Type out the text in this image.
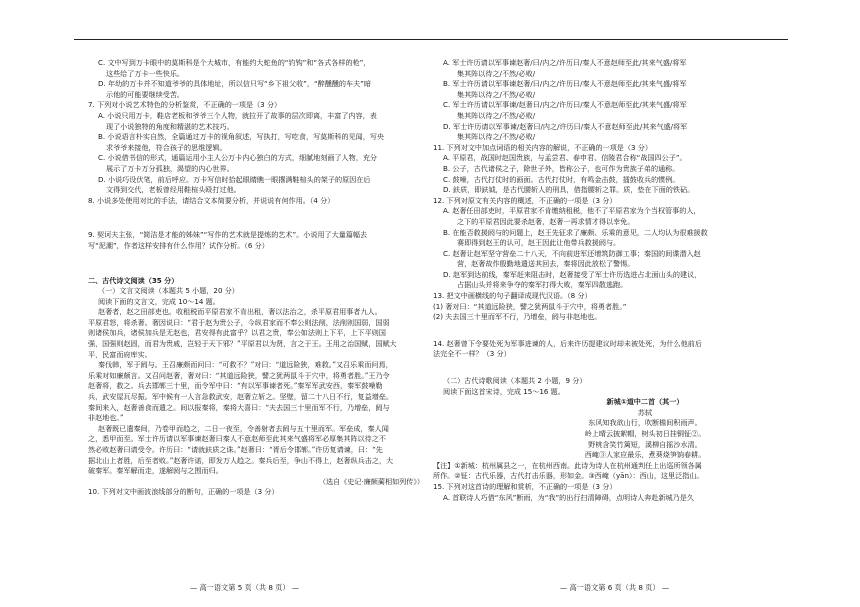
C. 文中写到万卡眼中的莫斯科是个大城市，有能约大蛇鱼的“钓钩”和“各式各样的枪”，
这些给了万卡一些快乐。
D. 年幼的万卡并不知道爷爷的具体地址，所以信只写“乡下祖父收”，“醉醺醺的车夫”暗
示他的可能要继续受苦。
7. 下列对小说艺术特色的分析鉴赏，不正确的一项是（3 分）
A. 小说只用万卡，鞋店老板和爷爷三个人物，就拉开了故事的层次即离，丰富了内容，表
现了小说独特的角度和精湛的艺术技巧。
B. 小说语言朴实自然，全篇通过万卡的视角叙述，写执打，写吃食，写莫斯科的见闻，写央
求爷爷来接他，符合孩子的思维逻辑。
C. 小说借书信的形式，通篇运用小主人公万卡内心独白的方式，细腻地刻画了人物，充分
展示了万卡万分孤独，渴望的内心世界。
D. 小说巧设伏笔，前后呼应。万卡写信时拾起眼睛瞧一眼撂满鞋楦头的架子的原因在后
文得到交代，老板曾经用鞋楦头殴打过他。
8. 小说多处使用对比的手法，请结合文本简要分析，并说说有何作用。（4 分）
9. 契诃夫主张，“简洁是才能的姊妹”“写作的艺术就是提炼的艺术”。小说用了大量篇幅去
写“泥潮”，作者这样安排有什么作用？试作分析。（6 分）
二、古代诗文阅读（35 分）
（一）文言文阅读（本题共 5 小题，20 分）
阅读下面的文言文，完成 10～14 题。
赵奢者，赵之田部吏也。收租税而平原君家不肯出租，奢以法治之，杀平原君用事者九人。
平原君怒，将杀奢。奢因说曰：“君于赵为贵公子，今纵君家而不奉公则法削，法削则国弱，国弱
则诸侯加兵，诸侯加兵是无赵也，君安得有此富乎？以君之贵，奉公如法则上下平，上下平则国
强，国强则赵固，而君为贵戚，岂轻于天下邪？”平原君以为贤，言之于王。王用之治国赋，国赋大
平，民富而府库实。
秦伐韩，军于阏与。王召廉颇而问曰：“可救不？”对曰：“道远险狭，难救。”又召乐乘而问焉，
乐乘对如廉颇言。又召问赵奢，奢对曰：“其道远险狭，譬之犹两鼠斗于穴中，将勇者胜。”王乃令
赵奢将，救之。兵去邯郸三十里，而令军中曰：“有以军事谏者死。”秦军军武安西，秦军鼓噪勒
兵，武安屋瓦尽振。军中候有一人言急救武安，赵奢立斩之。坚壁，留二十八日不行，复益增垒。
秦间来入，赵奢善食而遣之。间以报秦将，秦将大喜曰：“夫去国三十里而军不行，乃增垒，阏与
非赵地也。”
赵奢既已遣秦间，乃卷甲而趋之，二日一夜至，令善射者去阏与五十里而军。军垒成，秦人闻
之，悉甲而至。军士许历请以军事谏赵奢曰秦人不意赵师至此其来气盛将军必厚集其阵以待之不
然必败赵奢曰请受令。许历曰：“请就鈇质之诛。”赵奢曰：“胥后令邯郸。”许历复请谏，曰：“先
据北山上者胜，后至者败。”赵奢许诺，即发万人趋之。秦兵后至，争山不得上，赵奢纵兵击之，大
破秦军。秦军解而走，遂解阏与之围而归。
（选自《史记·廉颇蔺相如列传》）
10. 下列对文中画波浪线部分的断句，正确的一项是（3 分）
A. 军士许历请以军事谏赵奢/曰/内之/许历曰/秦人不意赵师至此/其来气盛/将军
集其阵以待之/不然/必败/
B. 军士许历请以军事谏赵奢/曰/内之/许历曰/秦人不意赵师至此/其来气盛/将军
集其阵以待之/不然/必败/
C. 军士许历请以军事谏/赵奢曰/内之/许历曰/秦人不意赵师至此/其来气盛/将军
集其阵以待之/不然/必败/
D. 军士许历请以军事谏/赵奢曰/内之/许历曰/秦人不意赵师至此/其来气盛/将军
集其阵以待之/不然/必败/
11. 下列对文中加点词语的相关内容的解说，不正确的一项是（3 分）
A. 平原君，战国时赵国贵族，与孟尝君、春申君、信陵君合称“战国四公子”。
B. 公子，古代诸侯之子，除世子外，皆称公子，也可作为贵族子弟的通称。
C. 鼓噪，古代打仗时的画面。古代打仗时，有鸣金击鼓，擂鼓收兵的惯例。
D. 鈇质，即鈇钺，是古代腰斩人的刑具，借指腰斩之罪。质，垫在下面的铁砧。
12. 下列对原文有关内容的概述，不正确的一项是（3 分）
A. 赵奢任田部吏时，平原君家不肯缴纳租税，他不了平原君家为个当权管事的人，
之下的平原君因此要杀赵奢，赵奢一再求情才得以幸免。
B. 在能否救援阏与的问题上，赵王先征求了廉颇、乐乘的意见，二人均认为很难援救
赛即得到赵王的认可，赵王因此让他带兵救援阏与。
C. 赵奢让赵军坚守营垒二十八天，不向前进军还增筑防御工事；秦国的间谍潜入赵
营，赵奢故作殷勤地遣送其回去，秦将因此放松了警惕。
D. 赵军到达前线，秦军赶来阻击时，赵奢接受了军士许历选进占北面山头的建议，
占据山头并将来争夺的秦军打得大败，秦军四散逃跑。
13. 把文中画横线的句子翻译成现代汉语。（8 分）
(1) 奢对曰：“其道远险狭，譬之犹两鼠斗于穴中，将勇者胜。”
(2) 夫去国三十里而军不行，乃增垒，阏与非赵地也。
14. 赵奢曾下令要处死为军事进谏的人，后来许历提建议时却未被处死，为什么他前后
法完全不一样？（3 分）
（二）古代诗歌阅读（本题共 2 小题，9 分）
阅读下面这首宋诗，完成 15～16 题。
新城①道中二首（其一）
苏轼
东风知我欲山行，吹断檐间积雨声。
岭上晴云披絮帽，树头初日挂铜钲②。
野桃含笑竹篱短，溪柳自摇沙水清。
西崦③人家应最乐，煮葵烧笋饷春耕。
【注】①新城：杭州属县之一，在杭州西南。此诗为诗人在杭州通判任上出巡所领各属
所作。②钲：古代乐器，古代打击乐器，形如金。③西崦（yān）：西山，这里泛指山。
15. 下列对这首诗的理解和赏析，不正确的一项是（3 分）
A. 首联诗人巧借“东风”断雨，为“我”的出行扫清障碍，点明诗人奔赴新城乃是久
— 高一语文第 5 页（共 8 页） —	— 高一语文第 6 页（共 8 页） —
